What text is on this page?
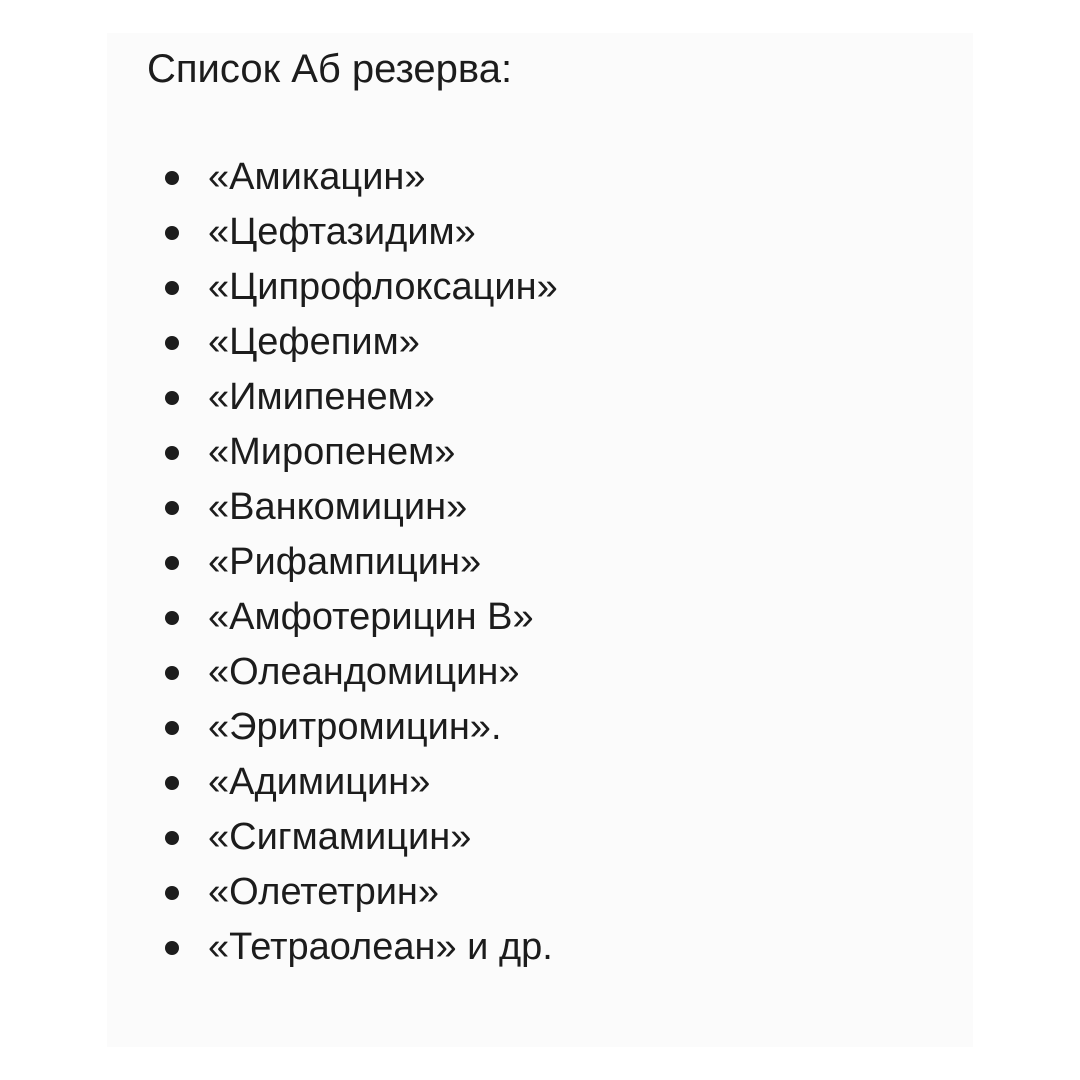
Список Аб резерва:
«Амикацин»
«Цефтазидим»
«Ципрофлоксацин»
«Цефепим»
«Имипенем»
«Миропенем»
«Ванкомицин»
«Рифампицин»
«Амфотерицин В»
«Олеандомицин»
«Эритромицин».
«Адимицин»
«Сигмамицин»
«Олететрин»
«Тетраолеан» и др.
